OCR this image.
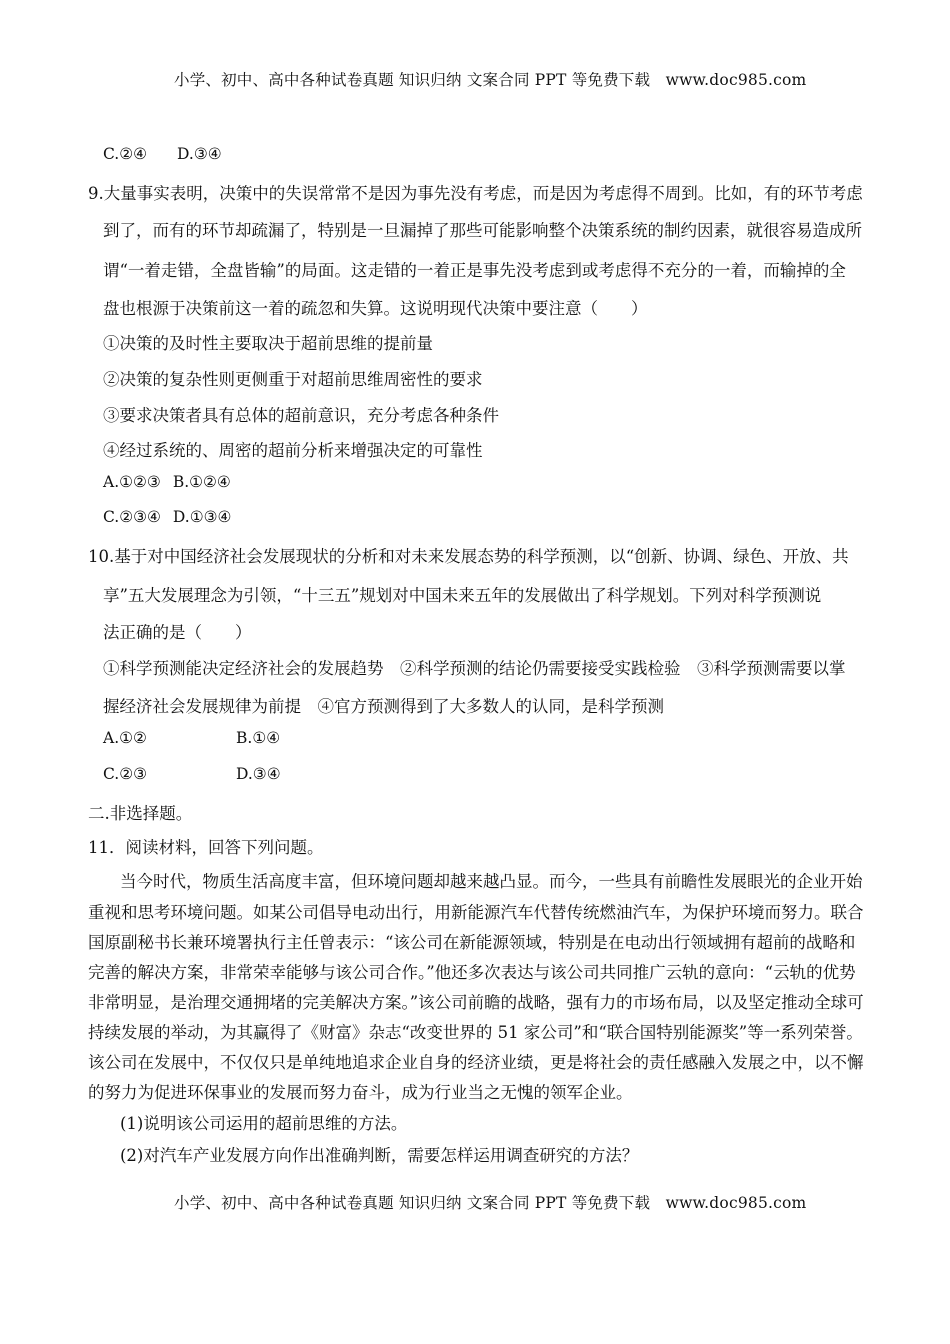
小学、初中、高中各种试卷真题 知识归纳 文案合同 PPT 等免费下载 www.doc985.com
C.②④ D.③④
9.大量事实表明，决策中的失误常常不是因为事先没有考虑，而是因为考虑得不周到。比如，有的环节考虑
到了，而有的环节却疏漏了，特别是一旦漏掉了那些可能影响整个决策系统的制约因素，就很容易造成所
谓“一着走错，全盘皆输”的局面。这走错的一着正是事先没考虑到或考虑得不充分的一着，而输掉的全
盘也根源于决策前这一着的疏忽和失算。这说明现代决策中要注意（　　）
①决策的及时性主要取决于超前思维的提前量
②决策的复杂性则更侧重于对超前思维周密性的要求
③要求决策者具有总体的超前意识，充分考虑各种条件
④经过系统的、周密的超前分析来增强决定的可靠性
A.①②③ B.①②④
C.②③④ D.①③④
10.基于对中国经济社会发展现状的分析和对未来发展态势的科学预测，以“创新、协调、绿色、开放、共
享”五大发展理念为引领，“十三五”规划对中国未来五年的发展做出了科学规划。下列对科学预测说
法正确的是（　　）
①科学预测能决定经济社会的发展趋势　②科学预测的结论仍需要接受实践检验　③科学预测需要以掌
握经济社会发展规律为前提　④官方预测得到了大多数人的认同，是科学预测
A.①②	B.①④
C.②③	D.③④
二.非选择题。
11．阅读材料，回答下列问题。
当今时代，物质生活高度丰富，但环境问题却越来越凸显。而今，一些具有前瞻性发展眼光的企业开始
重视和思考环境问题。如某公司倡导电动出行，用新能源汽车代替传统燃油汽车，为保护环境而努力。联合
国原副秘书长兼环境署执行主任曾表示：“该公司在新能源领域，特别是在电动出行领域拥有超前的战略和
完善的解决方案，非常荣幸能够与该公司合作。”他还多次表达与该公司共同推广云轨的意向：“云轨的优势
非常明显，是治理交通拥堵的完美解决方案。”该公司前瞻的战略，强有力的市场布局，以及坚定推动全球可
持续发展的举动，为其赢得了《财富》杂志“改变世界的 51 家公司”和“联合国特别能源奖”等一系列荣誉。
该公司在发展中，不仅仅只是单纯地追求企业自身的经济业绩，更是将社会的责任感融入发展之中，以不懈
的努力为促进环保事业的发展而努力奋斗，成为行业当之无愧的领军企业。
(1)说明该公司运用的超前思维的方法。
(2)对汽车产业发展方向作出准确判断，需要怎样运用调查研究的方法？
小学、初中、高中各种试卷真题 知识归纳 文案合同 PPT 等免费下载 www.doc985.com
